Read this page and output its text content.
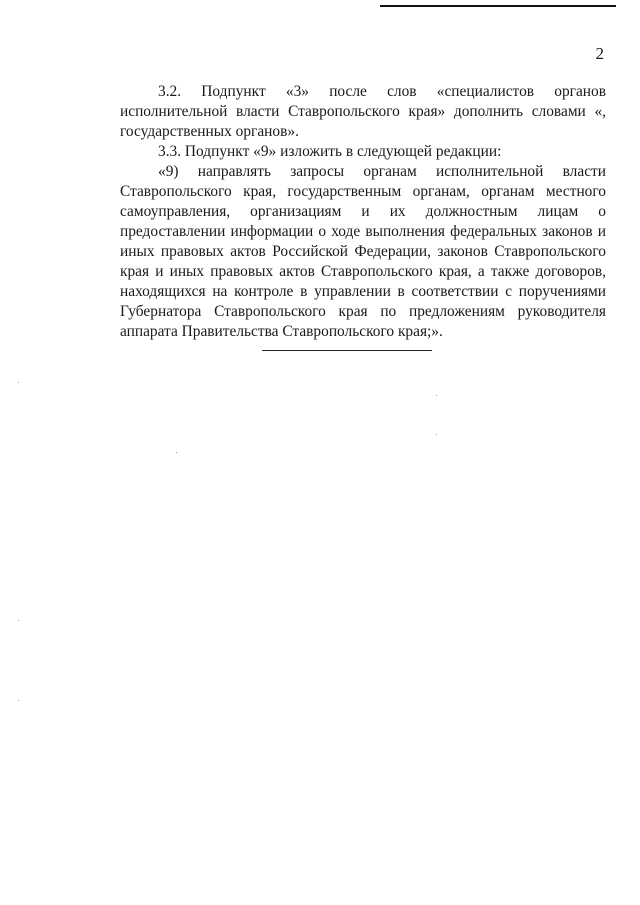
2

3.2. Подпункт «3» после слов «специалистов органов исполнительной власти Ставропольского края» дополнить словами «, государственных органов».

3.3. Подпункт «9» изложить в следующей редакции:

«9) направлять запросы органам исполнительной власти Ставропольского края, государственным органам, органам местного самоуправления, организациям и их должностным лицам о предоставлении информации о ходе выполнения федеральных законов и иных правовых актов Российской Федерации, законов Ставропольского края и иных правовых актов Ставропольского края, а также договоров, находящихся на контроле в управлении в соответствии с поручениями Губернатора Ставропольского края по предложениям руководителя аппарата Правительства Ставропольского края;».
